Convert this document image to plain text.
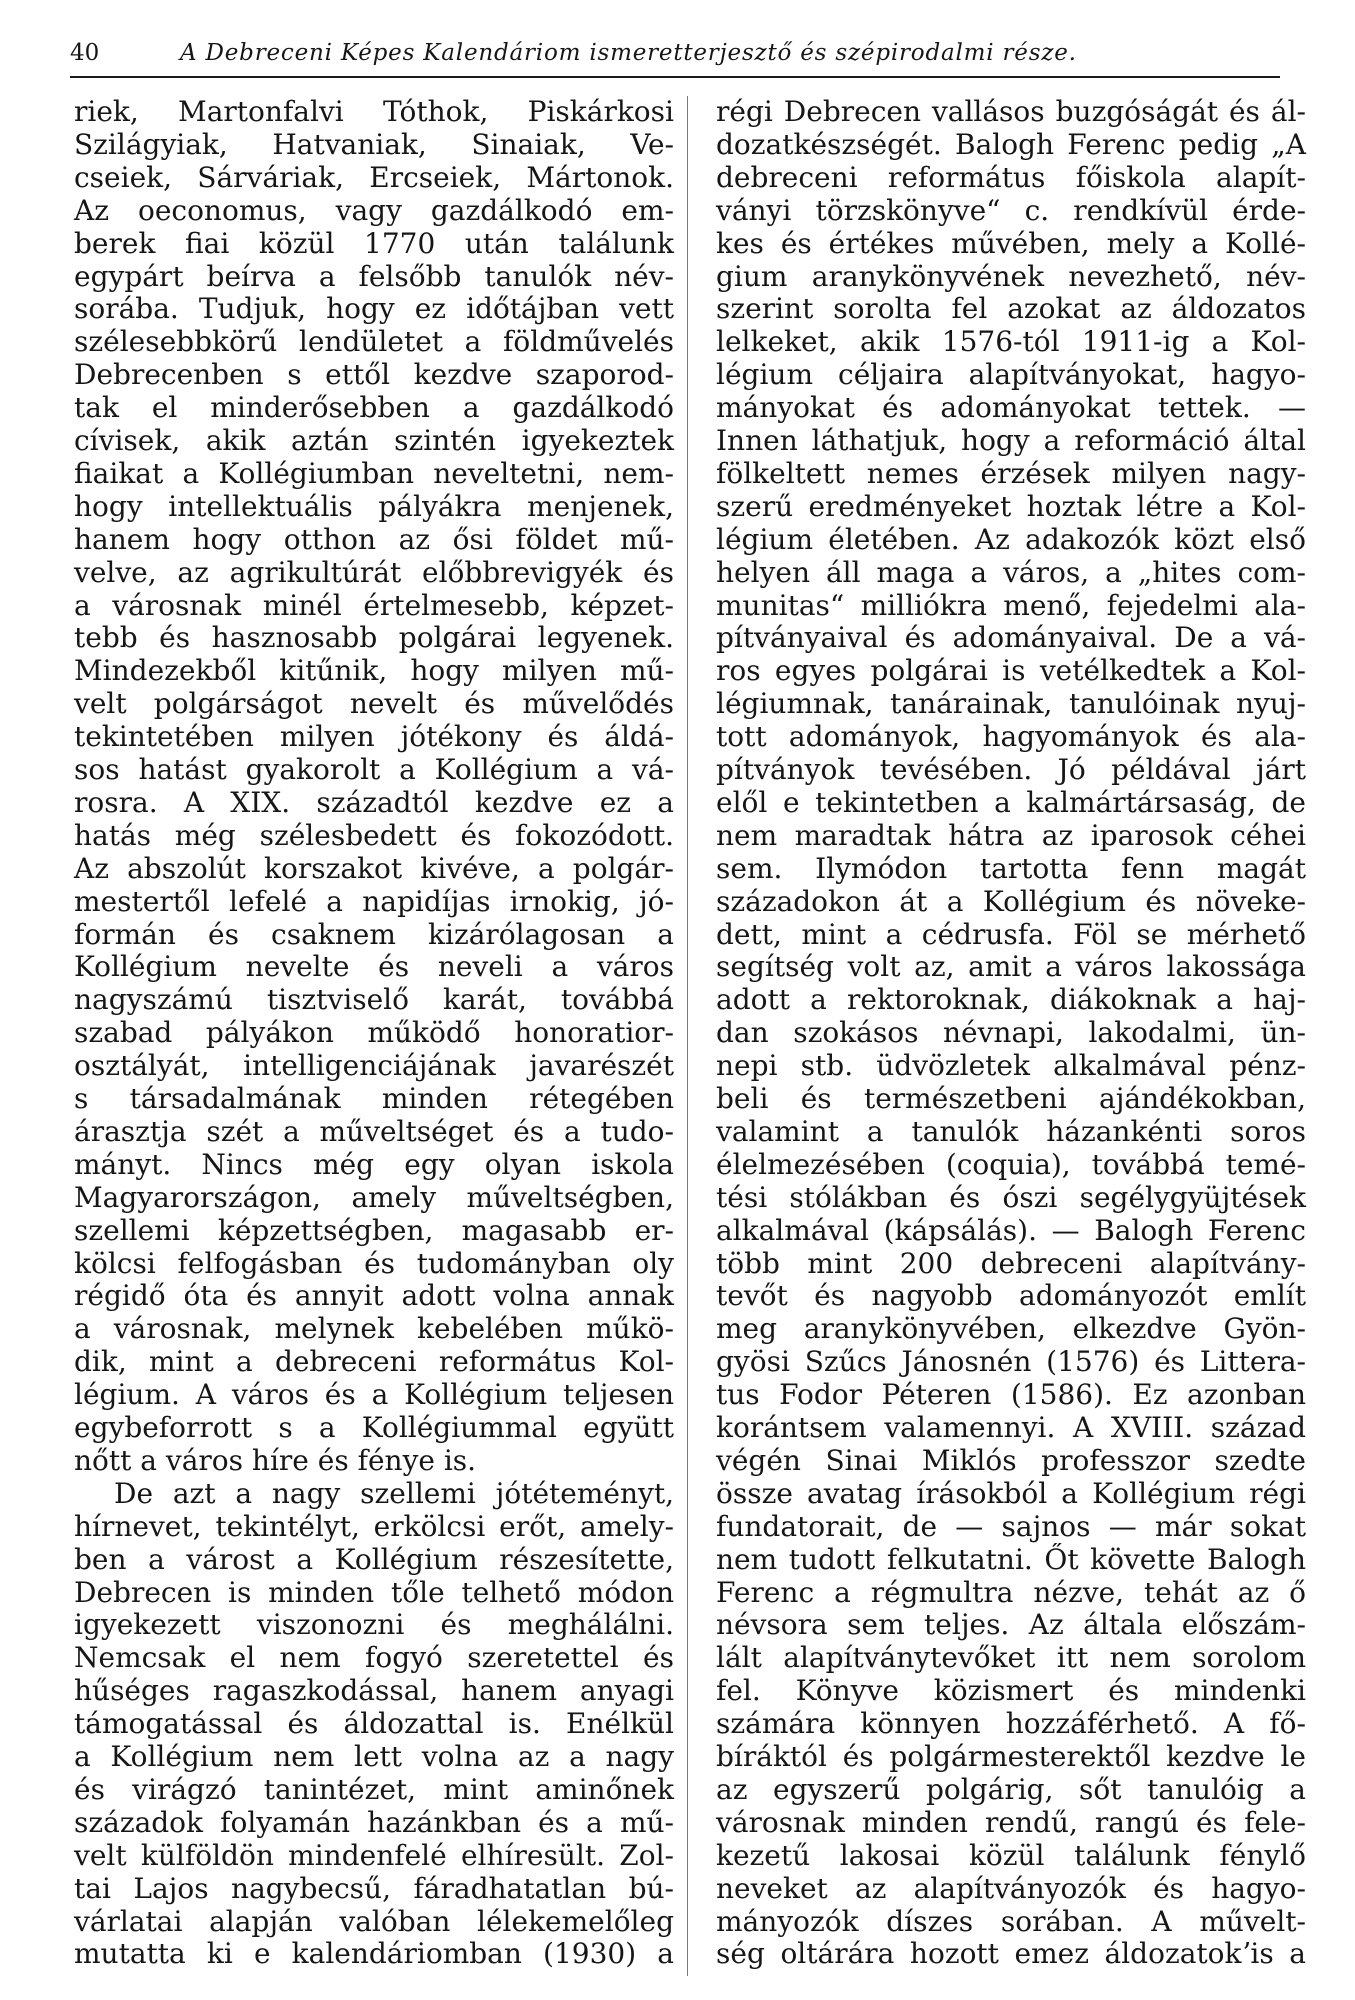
40	A Debreceni Képes Kalendáriom ismeretterjesztő és szépirodalmi része.
riek, Martonfalvi Tóthok, Piskárkosi
Szilágyiak, Hatvaniak, Sinaiak, Ve-
cseiek, Sárváriak, Ercseiek, Mártonok.
Az oeconomus, vagy gazdálkodó em-
berek fiai közül 1770 után találunk
egypárt beírva a felsőbb tanulók név-
sorába. Tudjuk, hogy ez időtájban vett
szélesebbkörű lendületet a földművelés
Debrecenben s ettől kezdve szaporod-
tak el minderősebben a gazdálkodó
cívisek, akik aztán szintén igyekeztek
fiaikat a Kollégiumban neveltetni, nem-
hogy intellektuális pályákra menjenek,
hanem hogy otthon az ősi földet mű-
velve, az agrikultúrát előbbrevigyék és
a városnak minél értelmesebb, képzet-
tebb és hasznosabb polgárai legyenek.
Mindezekből kitűnik, hogy milyen mű-
velt polgárságot nevelt és művelődés
tekintetében milyen jótékony és áldá-
sos hatást gyakorolt a Kollégium a vá-
rosra. A XIX. századtól kezdve ez a
hatás még szélesbedett és fokozódott.
Az abszolút korszakot kivéve, a polgár-
mestertől lefelé a napidíjas irnokig, jó-
formán és csaknem kizárólagosan a
Kollégium nevelte és neveli a város
nagyszámú tisztviselő karát, továbbá
szabad pályákon működő honoratior-
osztályát, intelligenciájának javarészét
s társadalmának minden rétegében
árasztja szét a műveltséget és a tudo-
mányt. Nincs még egy olyan iskola
Magyarországon, amely műveltségben,
szellemi képzettségben, magasabb er-
kölcsi felfogásban és tudományban oly
régidő óta és annyit adott volna annak
a városnak, melynek kebelében műkö-
dik, mint a debreceni református Kol-
légium. A város és a Kollégium teljesen
egybeforrott s a Kollégiummal együtt
nőtt a város híre és fénye is.
De azt a nagy szellemi jótéteményt,
hírnevet, tekintélyt, erkölcsi erőt, amely-
ben a várost a Kollégium részesítette,
Debrecen is minden tőle telhető módon
igyekezett viszonozni és meghálálni.
Nemcsak el nem fogyó szeretettel és
hűséges ragaszkodással, hanem anyagi
támogatással és áldozattal is. Enélkül
a Kollégium nem lett volna az a nagy
és virágzó tanintézet, mint aminőnek
századok folyamán hazánkban és a mű-
velt külföldön mindenfelé elhíresült. Zol-
tai Lajos nagybecsű, fáradhatatlan bú-
várlatai alapján valóban lélekemelőleg
mutatta ki e kalendáriomban (1930) a
régi Debrecen vallásos buzgóságát és ál-
dozatkészségét. Balogh Ferenc pedig „A
debreceni református főiskola alapít-
ványi törzskönyve“ c. rendkívül érde-
kes és értékes művében, mely a Kollé-
gium aranykönyvének nevezhető, név-
szerint sorolta fel azokat az áldozatos
lelkeket, akik 1576-tól 1911-ig a Kol-
légium céljaira alapítványokat, hagyo-
mányokat és adományokat tettek. —
Innen láthatjuk, hogy a reformáció által
fölkeltett nemes érzések milyen nagy-
szerű eredményeket hoztak létre a Kol-
légium életében. Az adakozók közt első
helyen áll maga a város, a „hites com-
munitas“ milliókra menő, fejedelmi ala-
pítványaival és adományaival. De a vá-
ros egyes polgárai is vetélkedtek a Kol-
légiumnak, tanárainak, tanulóinak nyuj-
tott adományok, hagyományok és ala-
pítványok tevésében. Jó példával járt
elől e tekintetben a kalmártársaság, de
nem maradtak hátra az iparosok céhei
sem. Ilymódon tartotta fenn magát
századokon át a Kollégium és növeke-
dett, mint a cédrusfa. Föl se mérhető
segítség volt az, amit a város lakossága
adott a rektoroknak, diákoknak a haj-
dan szokásos névnapi, lakodalmi, ün-
nepi stb. üdvözletek alkalmával pénz-
beli és természetbeni ajándékokban,
valamint a tanulók házankénti soros
élelmezésében (coquia), továbbá temé-
tési stólákban és ószi segélygyüjtések
alkalmával (kápsálás). — Balogh Ferenc
több mint 200 debreceni alapítvány-
tevőt és nagyobb adományozót említ
meg aranykönyvében, elkezdve Gyön-
gyösi Szűcs Jánosnén (1576) és Littera-
tus Fodor Péteren (1586). Ez azonban
korántsem valamennyi. A XVIII. század
végén Sinai Miklós professzor szedte
össze avatag írásokból a Kollégium régi
fundatorait, de — sajnos — már sokat
nem tudott felkutatni. Őt követte Balogh
Ferenc a régmultra nézve, tehát az ő
névsora sem teljes. Az általa előszám-
lált alapítványtevőket itt nem sorolom
fel. Könyve közismert és mindenki
számára könnyen hozzáférhető. A fő-
bíráktól és polgármesterektől kezdve le
az egyszerű polgárig, sőt tanulóig a
városnak minden rendű, rangú és fele-
kezetű lakosai közül találunk fénylő
neveket az alapítványozók és hagyo-
mányozók díszes sorában. A művelt-
ség oltárára hozott emez áldozatokʼis a
